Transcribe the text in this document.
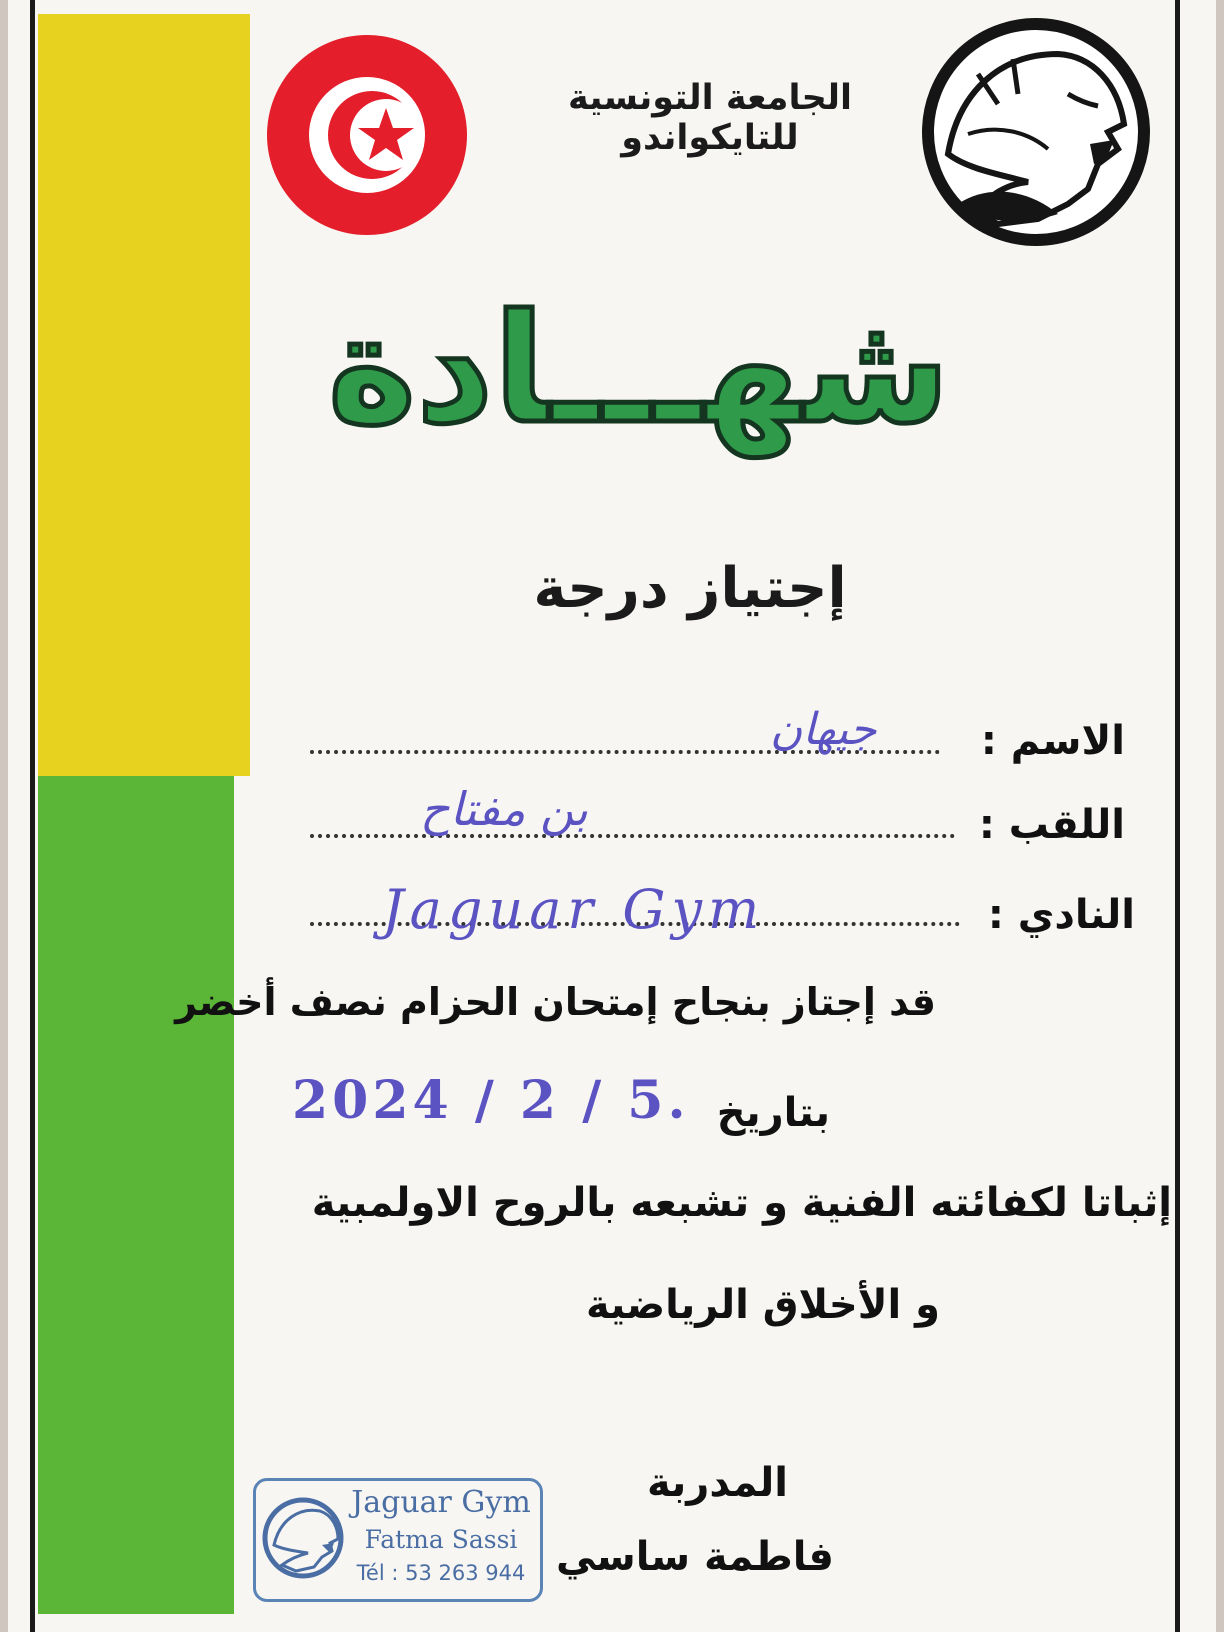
الجامعة التونسية
للتايكواندو
شهـــادة
إجتياز درجة
الاسم :
جيهان
اللقب :
بن مفتاح
النادي :
Jaguar Gym
قد إجتاز بنجاح إمتحان الحزام نصف أخضر
بتاريخ
2024 / 2 / 5.
إثباتا لكفائته الفنية و تشبعه بالروح الاولمبية
و الأخلاق الرياضية
المدربة
فاطمة ساسي
Jaguar Gym
Fatma Sassi
Tél : 53 263 944
